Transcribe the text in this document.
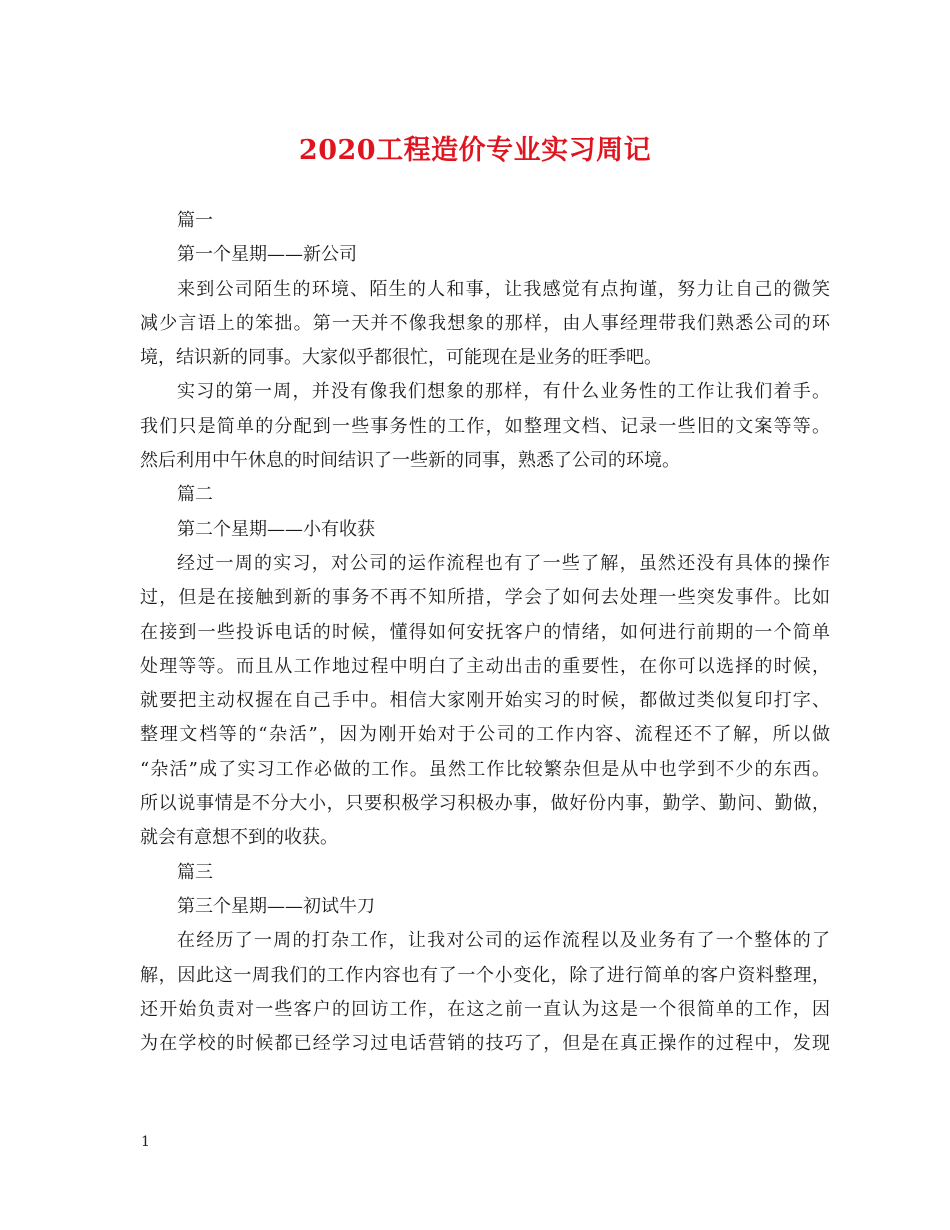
2020工程造价专业实习周记

篇一

第一个星期——新公司

来到公司陌生的环境、陌生的人和事，让我感觉有点拘谨，努力让自己的微笑

减少言语上的笨拙。第一天并不像我想象的那样，由人事经理带我们熟悉公司的环

境，结识新的同事。大家似乎都很忙，可能现在是业务的旺季吧。

实习的第一周，并没有像我们想象的那样，有什么业务性的工作让我们着手。

我们只是简单的分配到一些事务性的工作，如整理文档、记录一些旧的文案等等。

然后利用中午休息的时间结识了一些新的同事，熟悉了公司的环境。

篇二

第二个星期——小有收获

经过一周的实习，对公司的运作流程也有了一些了解，虽然还没有具体的操作

过，但是在接触到新的事务不再不知所措，学会了如何去处理一些突发事件。比如

在接到一些投诉电话的时候，懂得如何安抚客户的情绪，如何进行前期的一个简单

处理等等。而且从工作地过程中明白了主动出击的重要性，在你可以选择的时候，

就要把主动权握在自己手中。相信大家刚开始实习的时候，都做过类似复印打字、

整理文档等的“杂活”，因为刚开始对于公司的工作内容、流程还不了解，所以做

“杂活”成了实习工作必做的工作。虽然工作比较繁杂但是从中也学到不少的东西。

所以说事情是不分大小，只要积极学习积极办事，做好份内事，勤学、勤问、勤做，

就会有意想不到的收获。

篇三

第三个星期——初试牛刀

在经历了一周的打杂工作，让我对公司的运作流程以及业务有了一个整体的了

解，因此这一周我们的工作内容也有了一个小变化，除了进行简单的客户资料整理，

还开始负责对一些客户的回访工作，在这之前一直认为这是一个很简单的工作，因

为在学校的时候都已经学习过电话营销的技巧了，但是在真正操作的过程中，发现

1
